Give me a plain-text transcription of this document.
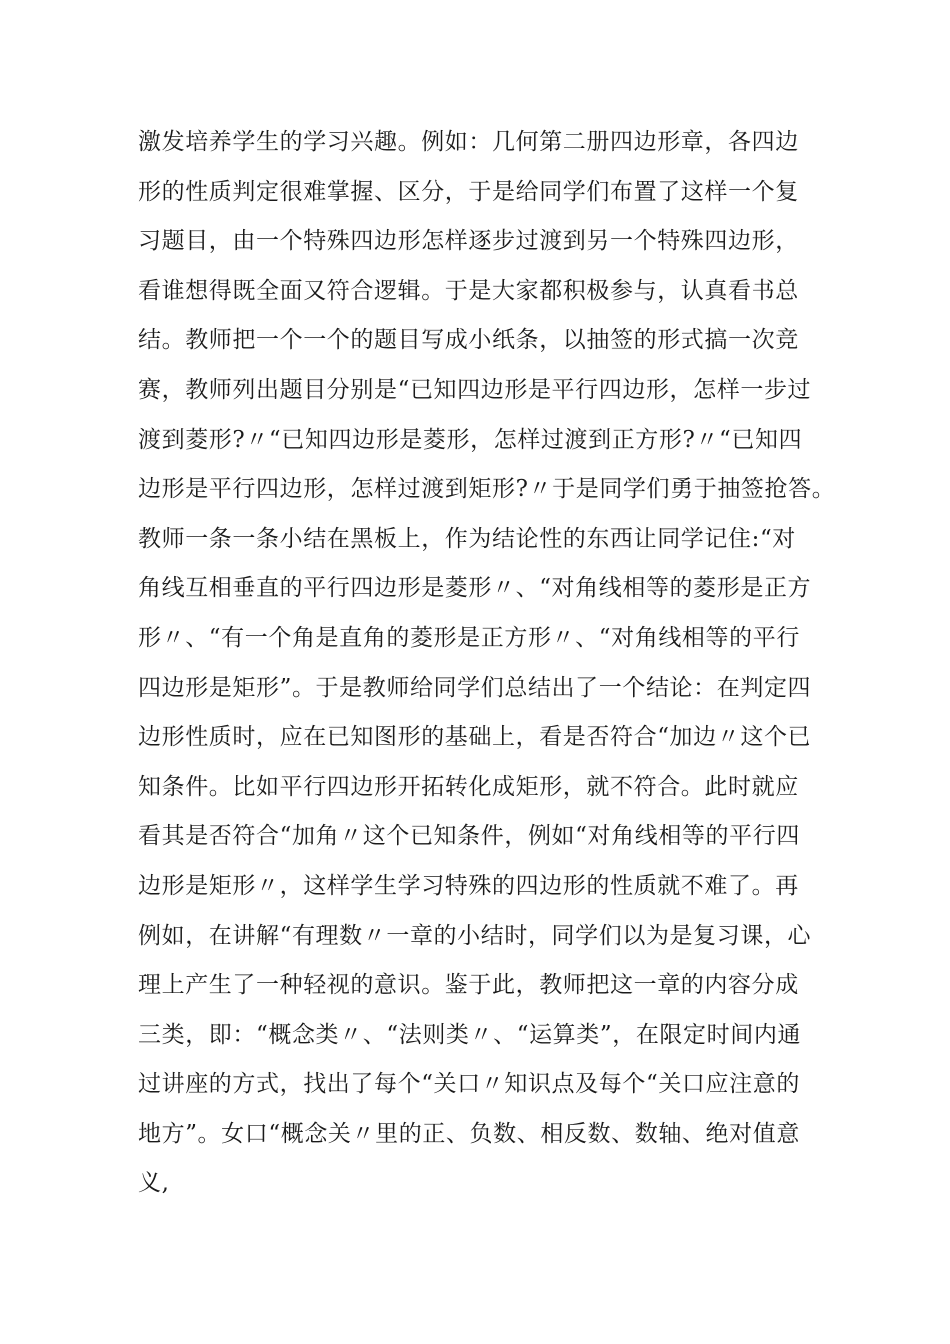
激发培养学生的学习兴趣。例如：几何第二册四边形章，各四边
形的性质判定很难掌握、区分，于是给同学们布置了这样一个复
习题目，由一个特殊四边形怎样逐步过渡到另一个特殊四边形，
看谁想得既全面又符合逻辑。于是大家都积极参与，认真看书总
结。教师把一个一个的题目写成小纸条，以抽签的形式搞一次竞
赛，教师列出题目分别是“已知四边形是平行四边形，怎样一步过
渡到菱形?〃“已知四边形是菱形，怎样过渡到正方形?〃“已知四
边形是平行四边形，怎样过渡到矩形?〃于是同学们勇于抽签抢答。
教师一条一条小结在黑板上，作为结论性的东西让同学记住:“对
角线互相垂直的平行四边形是菱形〃、“对角线相等的菱形是正方
形〃、“有一个角是直角的菱形是正方形〃、“对角线相等的平行
四边形是矩形”。于是教师给同学们总结出了一个结论：在判定四
边形性质时，应在已知图形的基础上，看是否符合“加边〃这个已
知条件。比如平行四边形开拓转化成矩形，就不符合。此时就应
看其是否符合“加角〃这个已知条件，例如“对角线相等的平行四
边形是矩形〃，这样学生学习特殊的四边形的性质就不难了。再
例如，在讲解“有理数〃一章的小结时，同学们以为是复习课，心
理上产生了一种轻视的意识。鉴于此，教师把这一章的内容分成
三类，即：“概念类〃、“法则类〃、“运算类”，在限定时间内通
过讲座的方式，找出了每个“关口〃知识点及每个“关口应注意的
地方”。女口“概念关〃里的正、负数、相反数、数轴、绝对值意
义,
